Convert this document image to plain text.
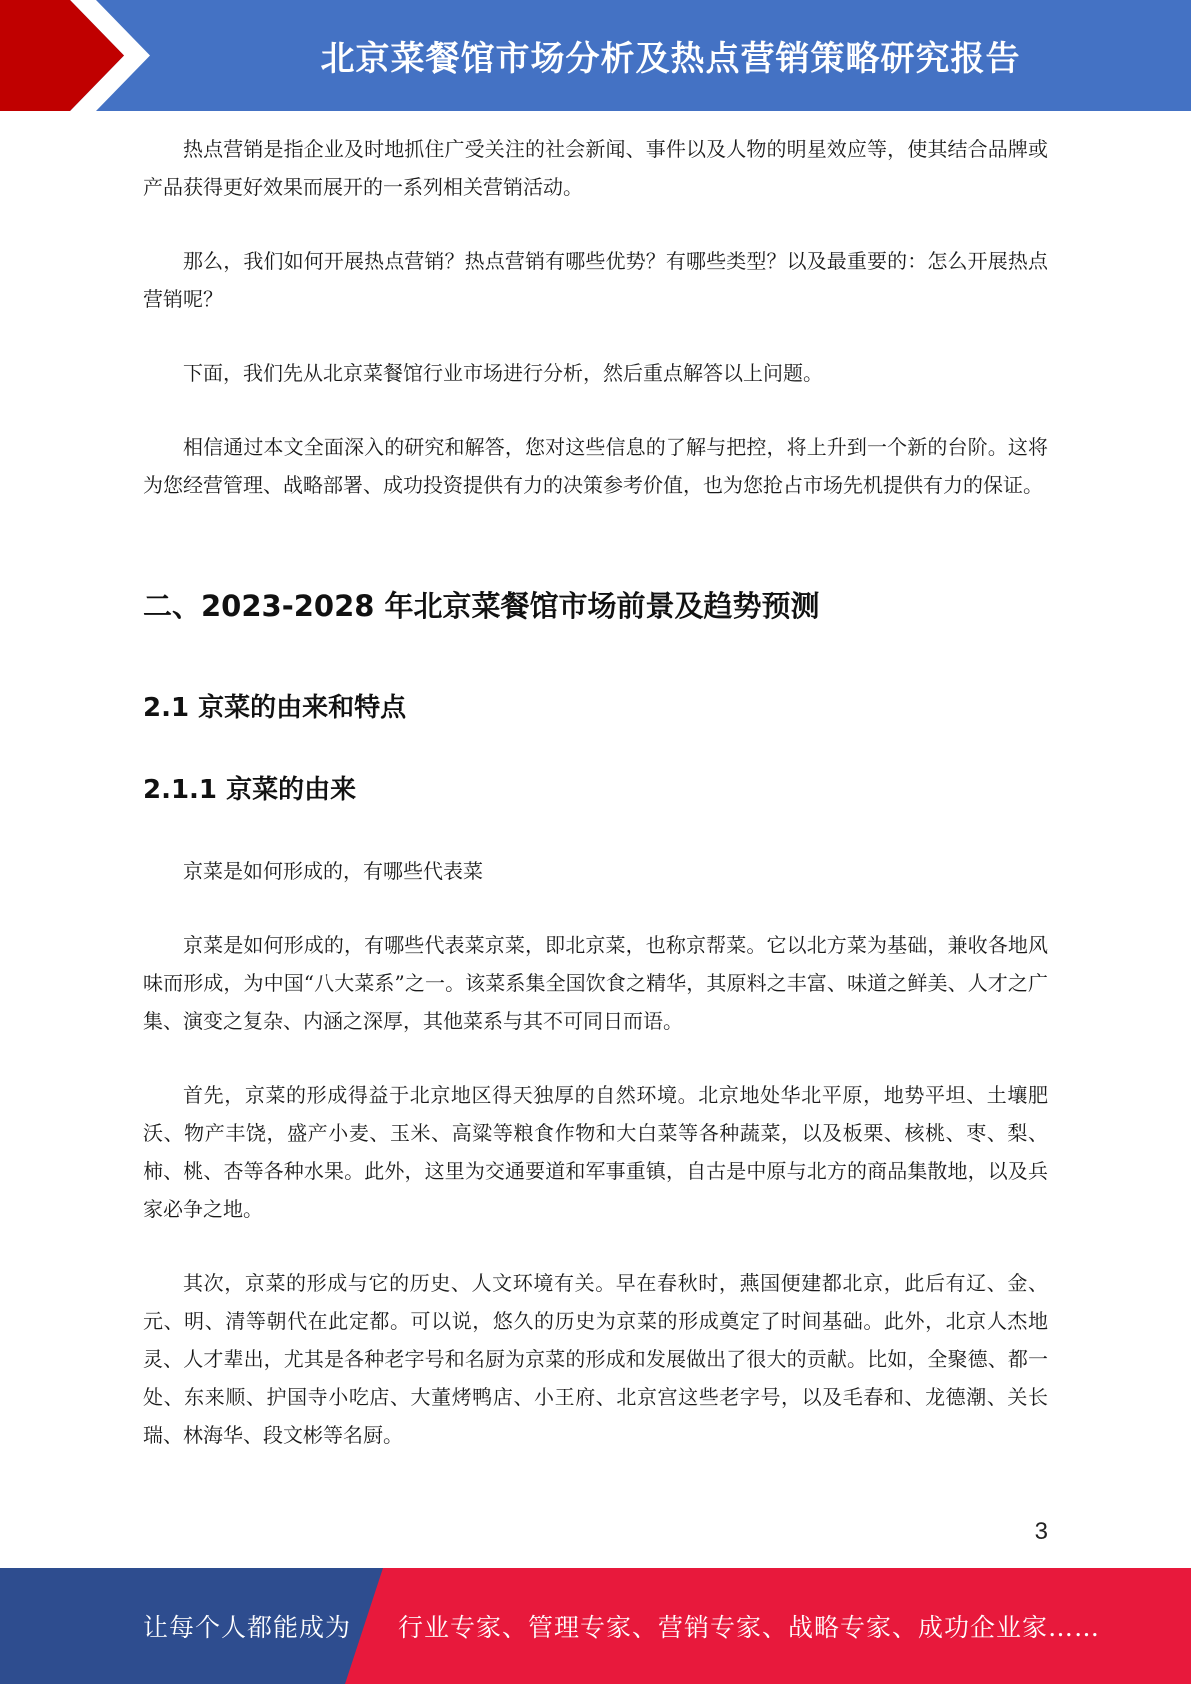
北京菜餐馆市场分析及热点营销策略研究报告

热点营销是指企业及时地抓住广受关注的社会新闻、事件以及人物的明星效应等，使其结合品牌或产品获得更好效果而展开的一系列相关营销活动。

那么，我们如何开展热点营销？热点营销有哪些优势？有哪些类型？以及最重要的：怎么开展热点营销呢？

下面，我们先从北京菜餐馆行业市场进行分析，然后重点解答以上问题。

相信通过本文全面深入的研究和解答，您对这些信息的了解与把控，将上升到一个新的台阶。这将为您经营管理、战略部署、成功投资提供有力的决策参考价值，也为您抢占市场先机提供有力的保证。

二、2023-2028 年北京菜餐馆市场前景及趋势预测
2.1 京菜的由来和特点
2.1.1 京菜的由来

京菜是如何形成的，有哪些代表菜

京菜是如何形成的，有哪些代表菜京菜，即北京菜，也称京帮菜。它以北方菜为基础，兼收各地风味而形成，为中国“八大菜系”之一。该菜系集全国饮食之精华，其原料之丰富、味道之鲜美、人才之广集、演变之复杂、内涵之深厚，其他菜系与其不可同日而语。

首先，京菜的形成得益于北京地区得天独厚的自然环境。北京地处华北平原，地势平坦、土壤肥沃、物产丰饶，盛产小麦、玉米、高粱等粮食作物和大白菜等各种蔬菜，以及板栗、核桃、枣、梨、柿、桃、杏等各种水果。此外，这里为交通要道和军事重镇，自古是中原与北方的商品集散地，以及兵家必争之地。

其次，京菜的形成与它的历史、人文环境有关。早在春秋时，燕国便建都北京，此后有辽、金、元、明、清等朝代在此定都。可以说，悠久的历史为京菜的形成奠定了时间基础。此外，北京人杰地灵、人才辈出，尤其是各种老字号和名厨为京菜的形成和发展做出了很大的贡献。比如，全聚德、都一处、东来顺、护国寺小吃店、大董烤鸭店、小王府、北京宫这些老字号，以及毛春和、龙德潮、关长瑞、林海华、段文彬等名厨。

3
让每个人都能成为 行业专家、管理专家、营销专家、战略专家、成功企业家……
